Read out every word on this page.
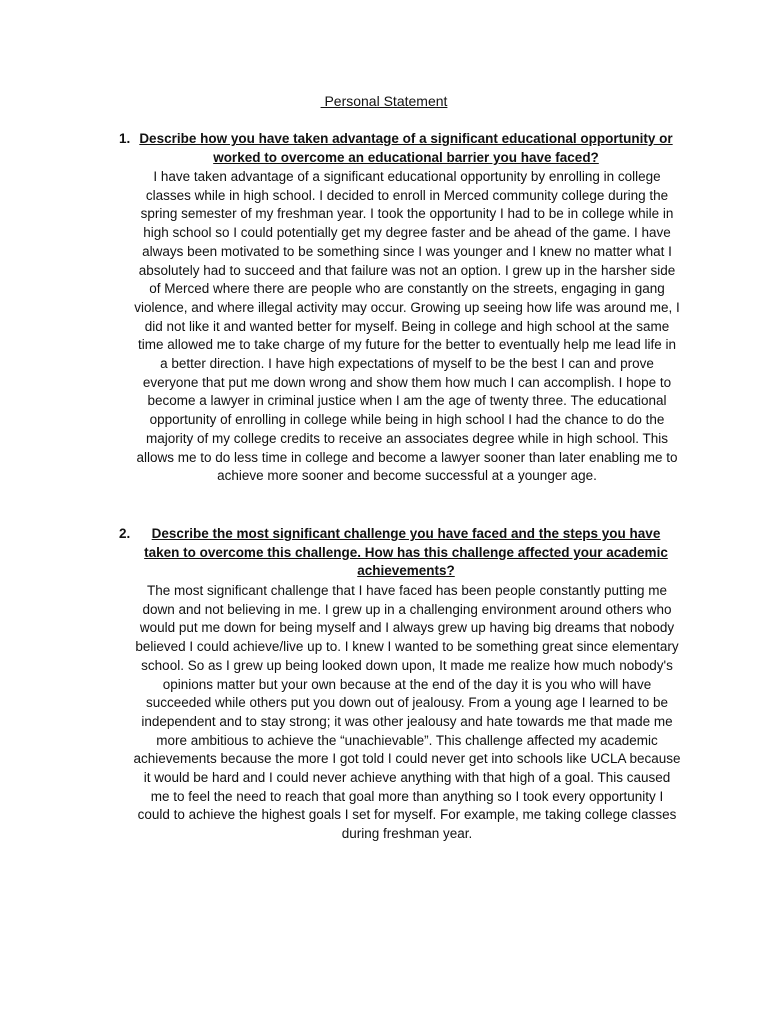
Personal Statement
1. Describe how you have taken advantage of a significant educational opportunity or worked to overcome an educational barrier you have faced?
I have taken advantage of a significant educational opportunity by enrolling in college classes while in high school. I decided to enroll in Merced community college during the spring semester of my freshman year. I took the opportunity I had to be in college while in high school so I could potentially get my degree faster and be ahead of the game. I have always been motivated to be something since I was younger and I knew no matter what I absolutely had to succeed and that failure was not an option. I grew up in the harsher side of Merced where there are people who are constantly on the streets, engaging in gang violence, and where illegal activity may occur. Growing up seeing how life was around me, I did not like it and wanted better for myself. Being in college and high school at the same time allowed me to take charge of my future for the better to eventually help me lead life in a better direction. I have high expectations of myself to be the best I can and prove everyone that put me down wrong and show them how much I can accomplish. I hope to become a lawyer in criminal justice when I am the age of twenty three. The educational opportunity of enrolling in college while being in high school I had the chance to do the majority of my college credits to receive an associates degree while in high school. This allows me to do less time in college and become a lawyer sooner than later enabling me to achieve more sooner and become successful at a younger age.
2. Describe the most significant challenge you have faced and the steps you have taken to overcome this challenge. How has this challenge affected your academic achievements?
The most significant challenge that I have faced has been people constantly putting me down and not believing in me. I grew up in a challenging environment around others who would put me down for being myself and I always grew up having big dreams that nobody believed I could achieve/live up to. I knew I wanted to be something great since elementary school. So as I grew up being looked down upon, It made me realize how much nobody's opinions matter but your own because at the end of the day it is you who will have succeeded while others put you down out of jealousy. From a young age I learned to be independent and to stay strong; it was other jealousy and hate towards me that made me more ambitious to achieve the “unachievable”. This challenge affected my academic achievements because the more I got told I could never get into schools like UCLA because it would be hard and I could never achieve anything with that high of a goal. This caused me to feel the need to reach that goal more than anything so I took every opportunity I could to achieve the highest goals I set for myself. For example, me taking college classes during freshman year.
